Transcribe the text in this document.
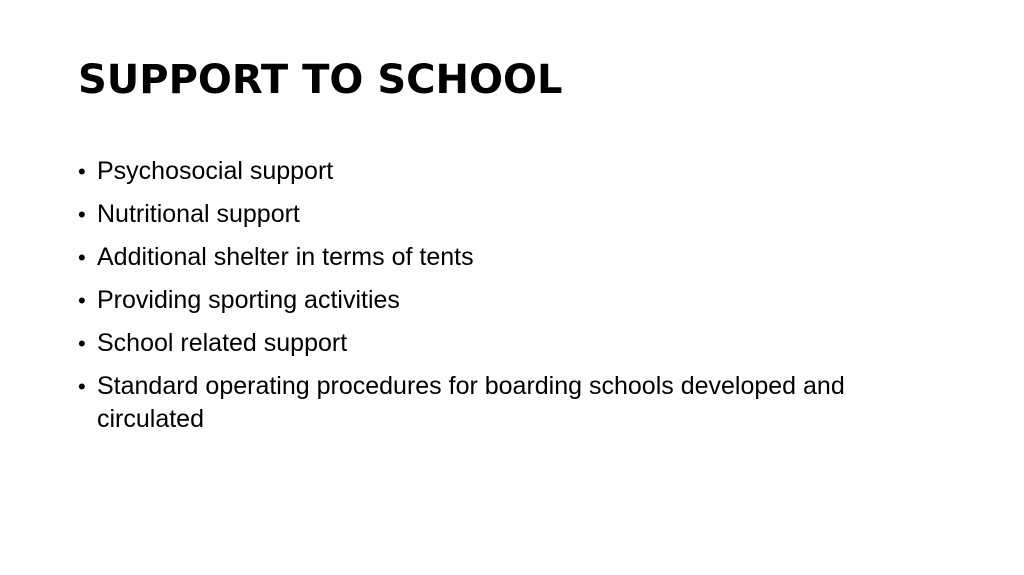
SUPPORT TO SCHOOL
• Psychosocial support
• Nutritional support
• Additional shelter in terms of tents
• Providing sporting activities
• School related support
• Standard operating procedures for boarding schools developed and circulated
